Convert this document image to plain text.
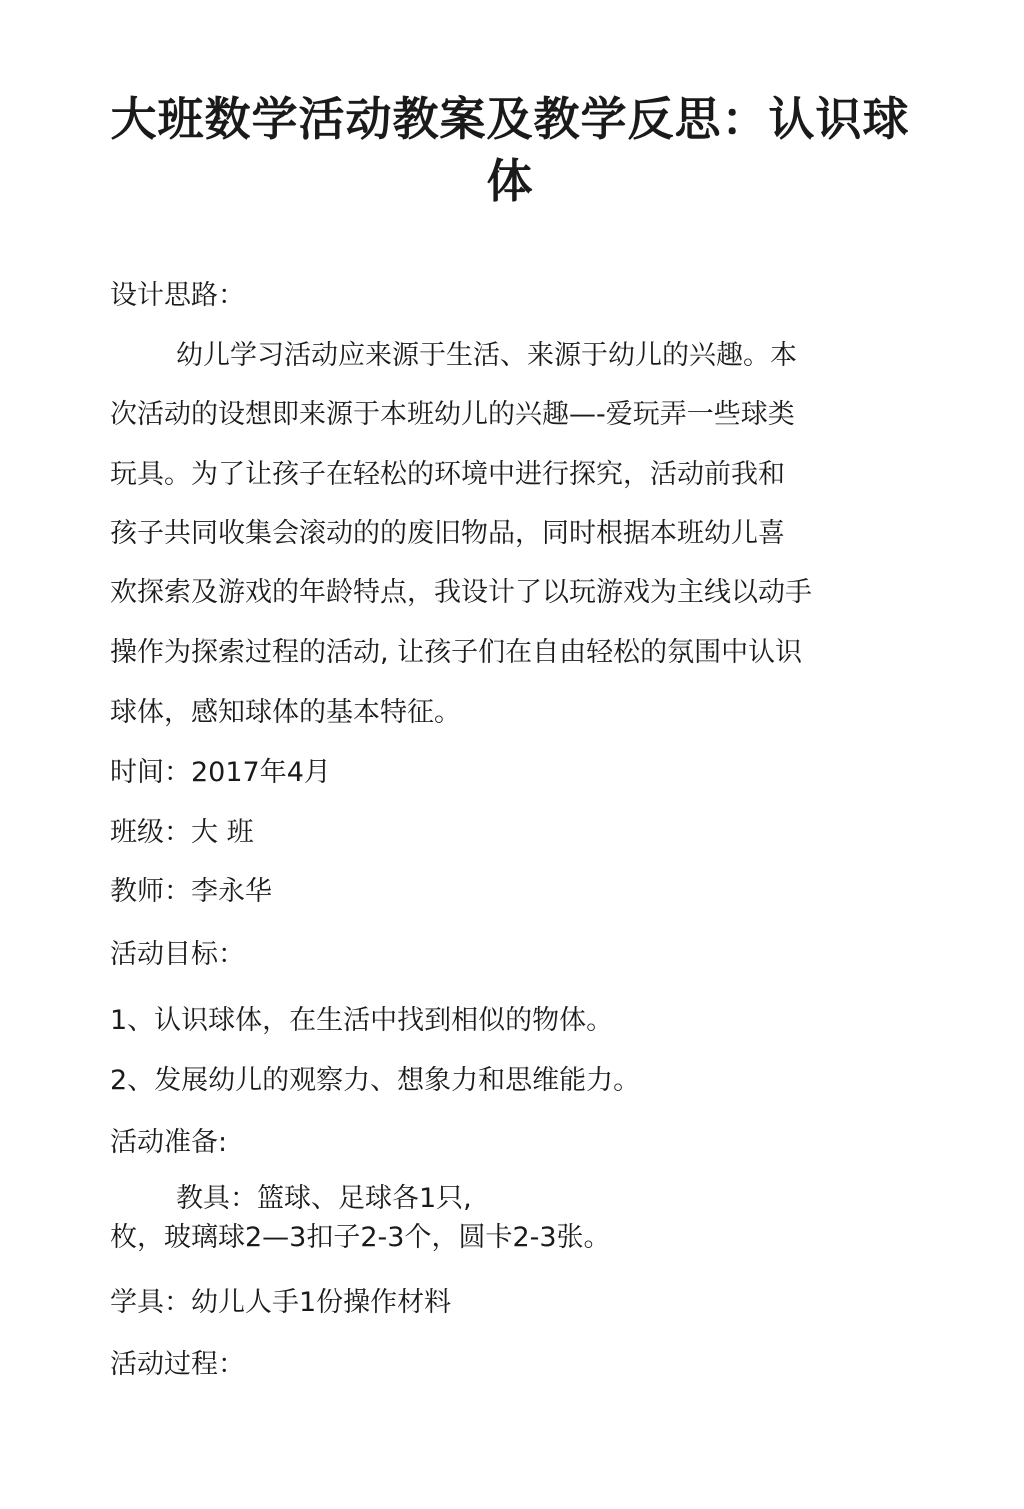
大班数学活动教案及教学反思：认识球
体

设计思路：

幼儿学习活动应来源于生活、来源于幼儿的兴趣。本

次活动的设想即来源于本班幼儿的兴趣—-爱玩弄一些球类

玩具。为了让孩子在轻松的环境中进行探究，活动前我和

孩子共同收集会滚动的的废旧物品，同时根据本班幼儿喜

欢探索及游戏的年龄特点，我设计了以玩游戏为主线以动手

操作为探索过程的活动, 让孩子们在自由轻松的氛围中认识

球体，感知球体的基本特征。

时间：2017年4月

班级：大 班

教师：李永华

活动目标：

1、认识球体，在生活中找到相似的物体。

2、发展幼儿的观察力、想象力和思维能力。

活动准备:

教具：篮球、足球各1只,

枚，玻璃球2—3扣子2-3个，圆卡2-3张。

学具：幼儿人手1份操作材料

活动过程：
